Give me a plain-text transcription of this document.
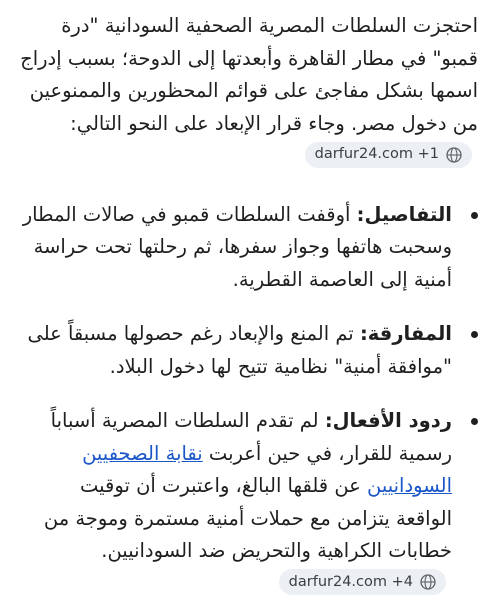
احتجزت السلطات المصرية الصحفية السودانية "درة قمبو" في مطار القاهرة وأبعدتها إلى الدوحة؛ بسبب إدراج اسمها بشكل مفاجئ على قوائم المحظورين والممنوعين من دخول مصر. وجاء قرار الإبعاد على النحو التالي:
darfur24.com +1

التفاصيل: أوقفت السلطات قمبو في صالات المطار وسحبت هاتفها وجواز سفرها، ثم رحلتها تحت حراسة أمنية إلى العاصمة القطرية.
المفارقة: تم المنع والإبعاد رغم حصولها مسبقاً على "موافقة أمنية" نظامية تتيح لها دخول البلاد.
ردود الأفعال: لم تقدم السلطات المصرية أسباباً رسمية للقرار، في حين أعربت نقابة الصحفيين السودانيين عن قلقها البالغ، واعتبرت أن توقيت الواقعة يتزامن مع حملات أمنية مستمرة وموجة من خطابات الكراهية والتحريض ضد السودانيين.
darfur24.com +4
